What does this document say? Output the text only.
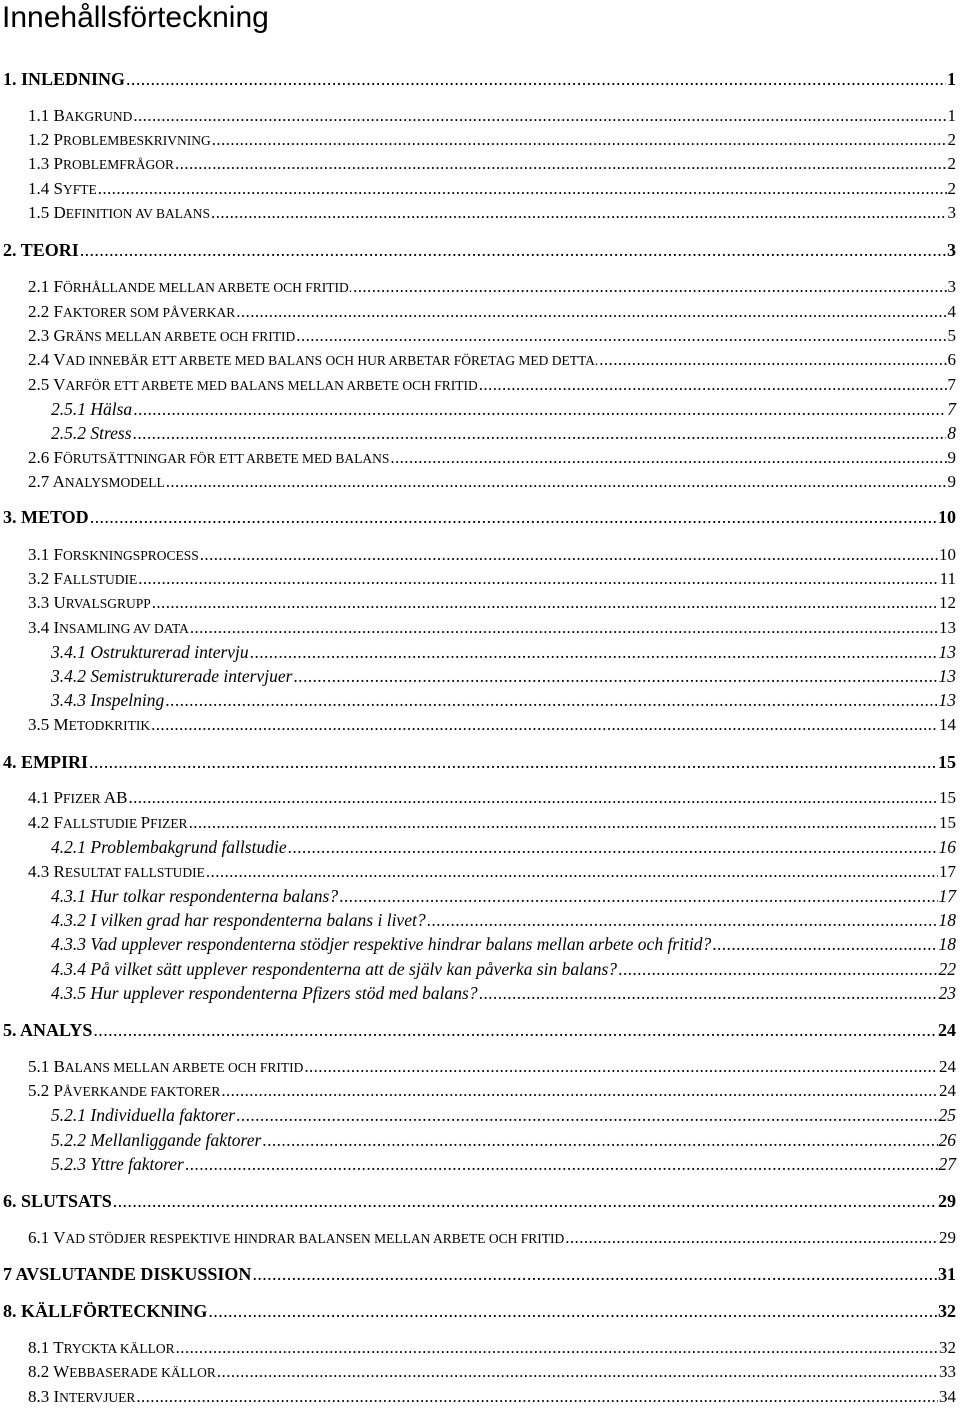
Innehållsförteckning
1. INLEDNING .....	1
1.1 BAKGRUND .....	1
1.2 PROBLEMBESKRIVNING .....	2
1.3 PROBLEMFRÅGOR .....	2
1.4 SYFTE .....	2
1.5 DEFINITION AV BALANS .....	3
2. TEORI .....	3
2.1 FÖRHÅLLANDE MELLAN ARBETE OCH FRITID. .....	3
2.2 FAKTORER SOM PÅVERKAR .....	4
2.3 GRÄNS MELLAN ARBETE OCH FRITID .....	5
2.4 VAD INNEBÄR ETT ARBETE MED BALANS OCH HUR ARBETAR FÖRETAG MED DETTA. .....	6
2.5 VARFÖR ETT ARBETE MED BALANS MELLAN ARBETE OCH FRITID .....	7
2.5.1 Hälsa .....	7
2.5.2 Stress .....	8
2.6 FÖRUTSÄTTNINGAR FÖR ETT ARBETE MED BALANS .....	9
2.7 ANALYSMODELL .....	9
3. METOD .....	10
3.1 FORSKNINGSPROCESS .....	10
3.2 FALLSTUDIE .....	11
3.3 URVALSGRUPP .....	12
3.4 INSAMLING AV DATA .....	13
3.4.1 Ostrukturerad intervju .....	13
3.4.2 Semistrukturerade intervjuer .....	13
3.4.3 Inspelning .....	13
3.5 METODKRITIK .....	14
4. EMPIRI .....	15
4.1 PFIZER AB .....	15
4.2 FALLSTUDIE PFIZER .....	15
4.2.1 Problembakgrund fallstudie .....	16
4.3 RESULTAT FALLSTUDIE .....	17
4.3.1 Hur tolkar respondenterna balans? .....	17
4.3.2 I vilken grad har respondenterna balans i livet? .....	18
4.3.3 Vad upplever respondenterna stödjer respektive hindrar balans mellan arbete och fritid? .....	18
4.3.4 På vilket sätt upplever respondenterna att de själv kan påverka sin balans? .....	22
4.3.5 Hur upplever respondenterna Pfizers stöd med balans? .....	23
5. ANALYS .....	24
5.1 BALANS MELLAN ARBETE OCH FRITID .....	24
5.2 PÅVERKANDE FAKTORER .....	24
5.2.1 Individuella faktorer .....	25
5.2.2 Mellanliggande faktorer .....	26
5.2.3 Yttre faktorer .....	27
6. SLUTSATS .....	29
6.1 VAD STÖDJER RESPEKTIVE HINDRAR BALANSEN MELLAN ARBETE OCH FRITID .....	29
7 AVSLUTANDE DISKUSSION .....	31
8. KÄLLFÖRTECKNING .....	32
8.1 TRYCKTA KÄLLOR .....	32
8.2 WEBBASERADE KÄLLOR .....	33
8.3 INTERVJUER .....	34
